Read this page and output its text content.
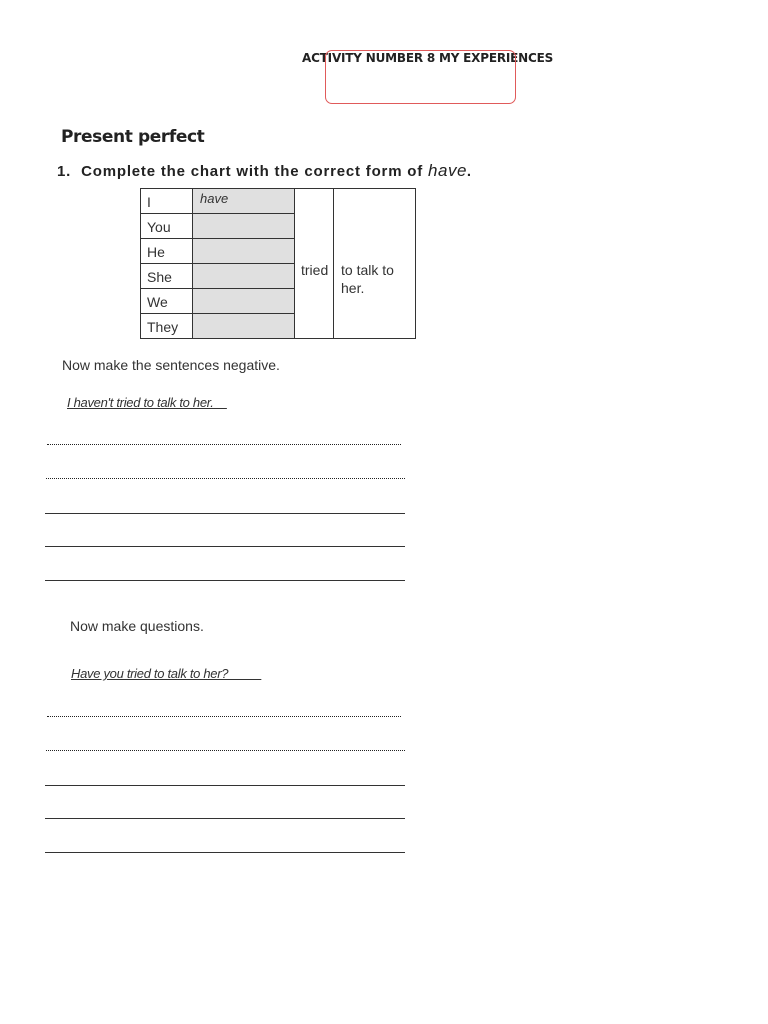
ACTIVITY NUMBER 8 MY EXPERIENCES
Present perfect
1. Complete the chart with the correct form of have.
I	have
You
He
She
We
They
tried to talk to her.
Now make the sentences negative.
I haven't tried to talk to her.
Now make questions.
Have you tried to talk to her?
